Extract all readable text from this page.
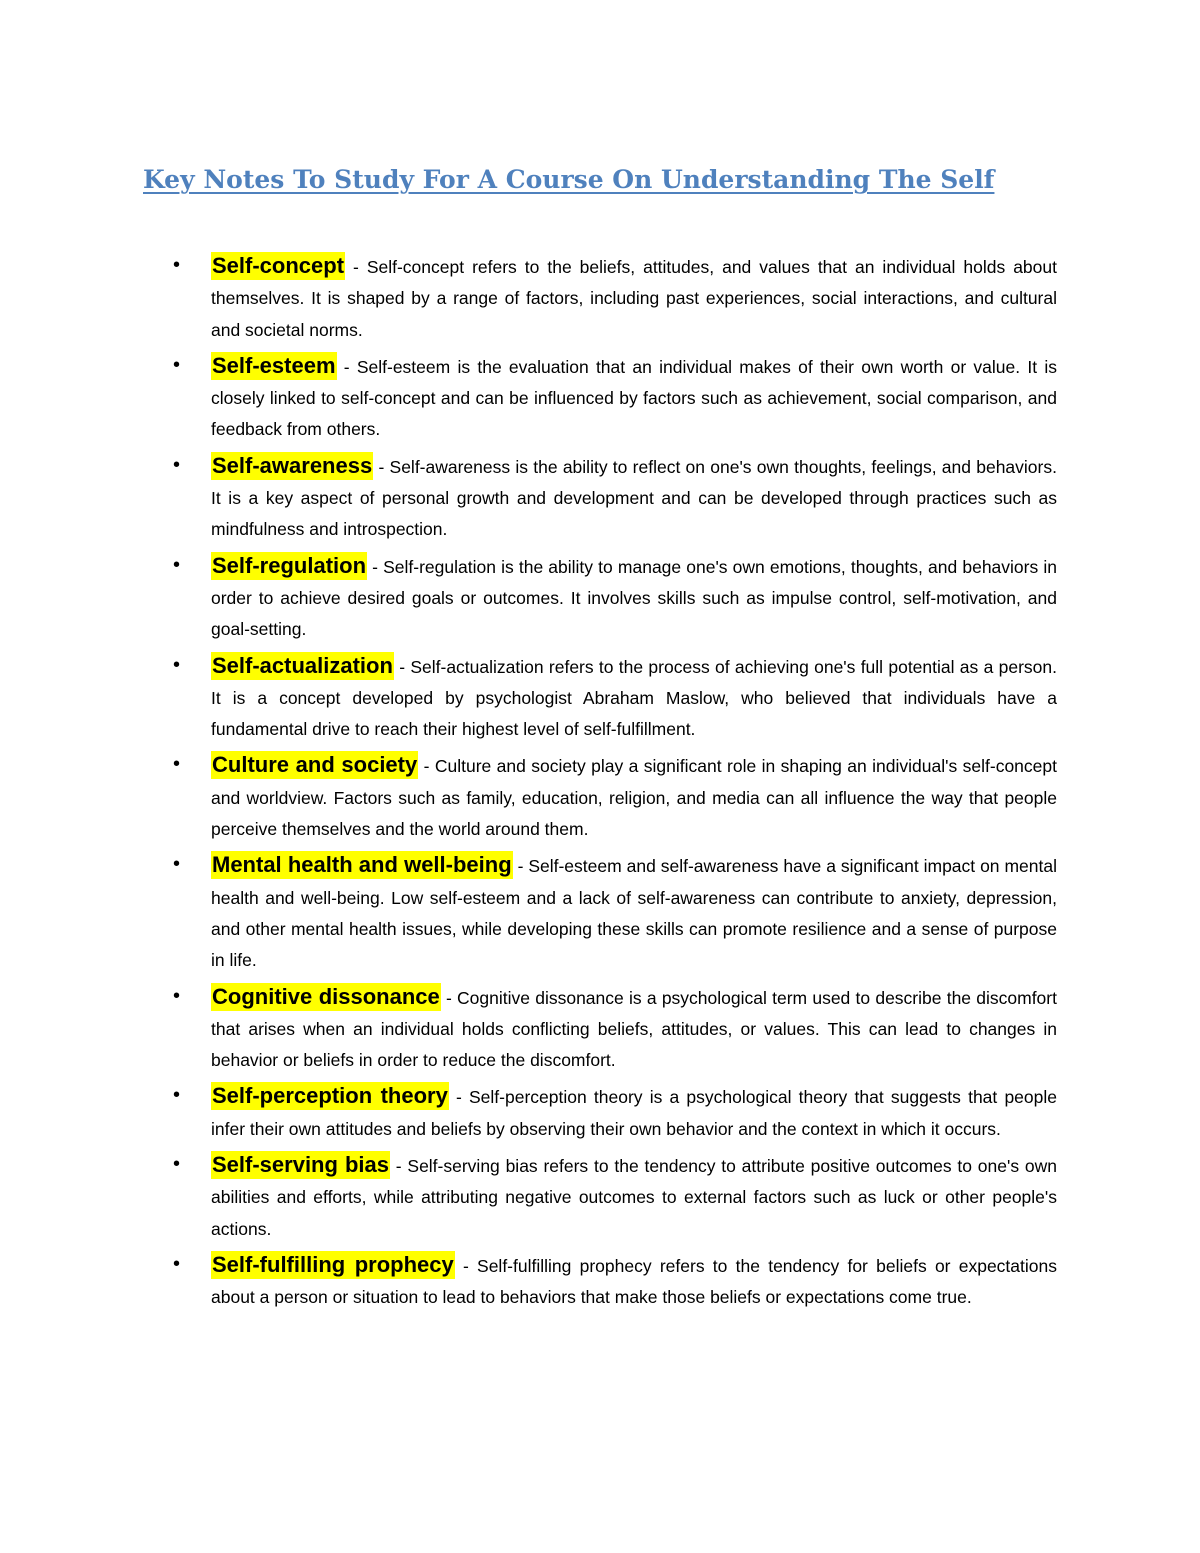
Key Notes To Study For A Course On Understanding The Self
• Self-concept - Self-concept refers to the beliefs, attitudes, and values that an individual holds about themselves. It is shaped by a range of factors, including past experiences, social interactions, and cultural and societal norms.
• Self-esteem - Self-esteem is the evaluation that an individual makes of their own worth or value. It is closely linked to self-concept and can be influenced by factors such as achievement, social comparison, and feedback from others.
• Self-awareness - Self-awareness is the ability to reflect on one's own thoughts, feelings, and behaviors. It is a key aspect of personal growth and development and can be developed through practices such as mindfulness and introspection.
• Self-regulation - Self-regulation is the ability to manage one's own emotions, thoughts, and behaviors in order to achieve desired goals or outcomes. It involves skills such as impulse control, self-motivation, and goal-setting.
• Self-actualization - Self-actualization refers to the process of achieving one's full potential as a person. It is a concept developed by psychologist Abraham Maslow, who believed that individuals have a fundamental drive to reach their highest level of self-fulfillment.
• Culture and society - Culture and society play a significant role in shaping an individual's self-concept and worldview. Factors such as family, education, religion, and media can all influence the way that people perceive themselves and the world around them.
• Mental health and well-being - Self-esteem and self-awareness have a significant impact on mental health and well-being. Low self-esteem and a lack of self-awareness can contribute to anxiety, depression, and other mental health issues, while developing these skills can promote resilience and a sense of purpose in life.
• Cognitive dissonance - Cognitive dissonance is a psychological term used to describe the discomfort that arises when an individual holds conflicting beliefs, attitudes, or values. This can lead to changes in behavior or beliefs in order to reduce the discomfort.
• Self-perception theory - Self-perception theory is a psychological theory that suggests that people infer their own attitudes and beliefs by observing their own behavior and the context in which it occurs.
• Self-serving bias - Self-serving bias refers to the tendency to attribute positive outcomes to one's own abilities and efforts, while attributing negative outcomes to external factors such as luck or other people's actions.
• Self-fulfilling prophecy - Self-fulfilling prophecy refers to the tendency for beliefs or expectations about a person or situation to lead to behaviors that make those beliefs or expectations come true.
